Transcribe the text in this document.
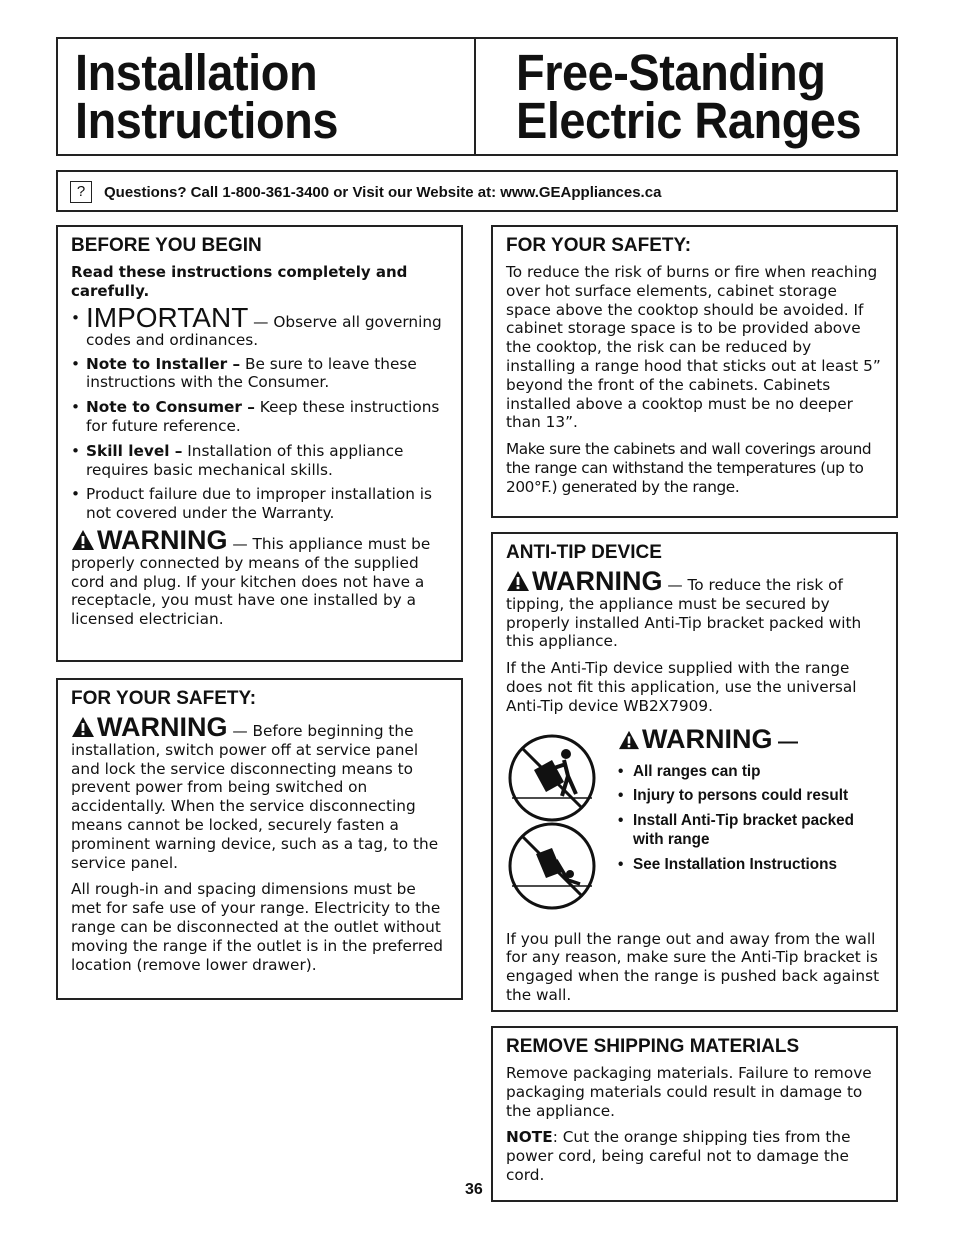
Installation
Instructions
Free-Standing
Electric Ranges
?	Questions? Call 1-800-361-3400 or Visit our Website at: www.GEAppliances.ca
BEFORE YOU BEGIN

Read these instructions completely and carefully.

• IMPORTANT — Observe all governing codes and ordinances.
• Note to Installer – Be sure to leave these instructions with the Consumer.
• Note to Consumer – Keep these instructions for future reference.
• Skill level – Installation of this appliance requires basic mechanical skills.
• Product failure due to improper installation is not covered under the Warranty.

WARNING — This appliance must be properly connected by means of the supplied cord and plug. If your kitchen does not have a receptacle, you must have one installed by a licensed electrician.

FOR YOUR SAFETY:

WARNING — Before beginning the installation, switch power off at service panel and lock the service disconnecting means to prevent power from being switched on accidentally. When the service disconnecting means cannot be locked, securely fasten a prominent warning device, such as a tag, to the service panel.

All rough-in and spacing dimensions must be met for safe use of your range. Electricity to the range can be disconnected at the outlet without moving the range if the outlet is in the preferred location (remove lower drawer).

FOR YOUR SAFETY:

To reduce the risk of burns or fire when reaching over hot surface elements, cabinet storage space above the cooktop should be avoided. If cabinet storage space is to be provided above the cooktop, the risk can be reduced by installing a range hood that sticks out at least 5” beyond the front of the cabinets. Cabinets installed above a cooktop must be no deeper than 13”.

Make sure the cabinets and wall coverings around the range can withstand the temperatures (up to 200°F.) generated by the range.

ANTI-TIP DEVICE

WARNING — To reduce the risk of tipping, the appliance must be secured by properly installed Anti-Tip bracket packed with this appliance.

If the Anti-Tip device supplied with the range does not fit this application, use the universal Anti-Tip device WB2X7909.

WARNING —
• All ranges can tip
• Injury to persons could result
• Install Anti-Tip bracket packed with range
• See Installation Instructions

If you pull the range out and away from the wall for any reason, make sure the Anti-Tip bracket is engaged when the range is pushed back against the wall.

REMOVE SHIPPING MATERIALS

Remove packaging materials. Failure to remove packaging materials could result in damage to the appliance.

NOTE: Cut the orange shipping ties from the power cord, being careful not to damage the cord.

36
